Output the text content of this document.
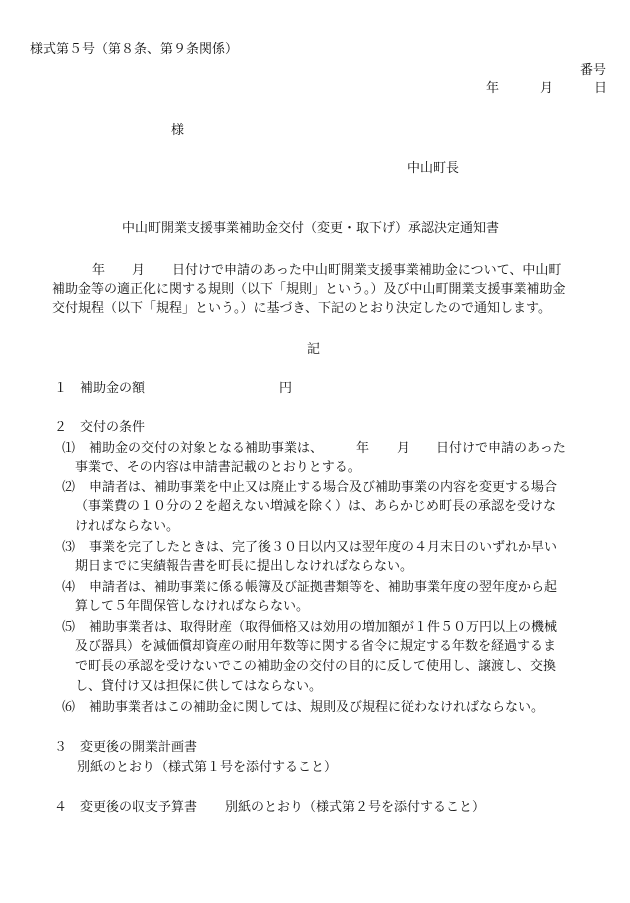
様式第５号（第８条、第９条関係）
番号
年	月	日
様
中山町長
中山町開業支援事業補助金交付（変更・取下げ）承認決定通知書
年 月 日付けで申請のあった中山町開業支援事業補助金について、中山町
補助金等の適正化に関する規則（以下「規則」という。）及び中山町開業支援事業補助金
交付規程（以下「規程」という。）に基づき、下記のとおり決定したので通知します。
記
１　補助金の額	円
２　交付の条件
⑴ 補助金の交付の対象となる補助事業は、	年 月 日付けで申請のあった
事業で、その内容は申請書記載のとおりとする。
⑵ 申請者は、補助事業を中止又は廃止する場合及び補助事業の内容を変更する場合
（事業費の１０分の２を超えない増減を除く）は、あらかじめ町長の承認を受けな
ければならない。
⑶ 事業を完了したときは、完了後３０日以内又は翌年度の４月末日のいずれか早い
期日までに実績報告書を町長に提出しなければならない。
⑷ 申請者は、補助事業に係る帳簿及び証拠書類等を、補助事業年度の翌年度から起
算して５年間保管しなければならない。
⑸ 補助事業者は、取得財産（取得価格又は効用の増加額が１件５０万円以上の機械
及び器具）を減価償却資産の耐用年数等に関する省令に規定する年数を経過するま
で町長の承認を受けないでこの補助金の交付の目的に反して使用し、譲渡し、交換
し、貸付け又は担保に供してはならない。
⑹ 補助事業者はこの補助金に関しては、規則及び規程に従わなければならない。
３　変更後の開業計画書
別紙のとおり（様式第１号を添付すること）
４　変更後の収支予算書 別紙のとおり（様式第２号を添付すること）
